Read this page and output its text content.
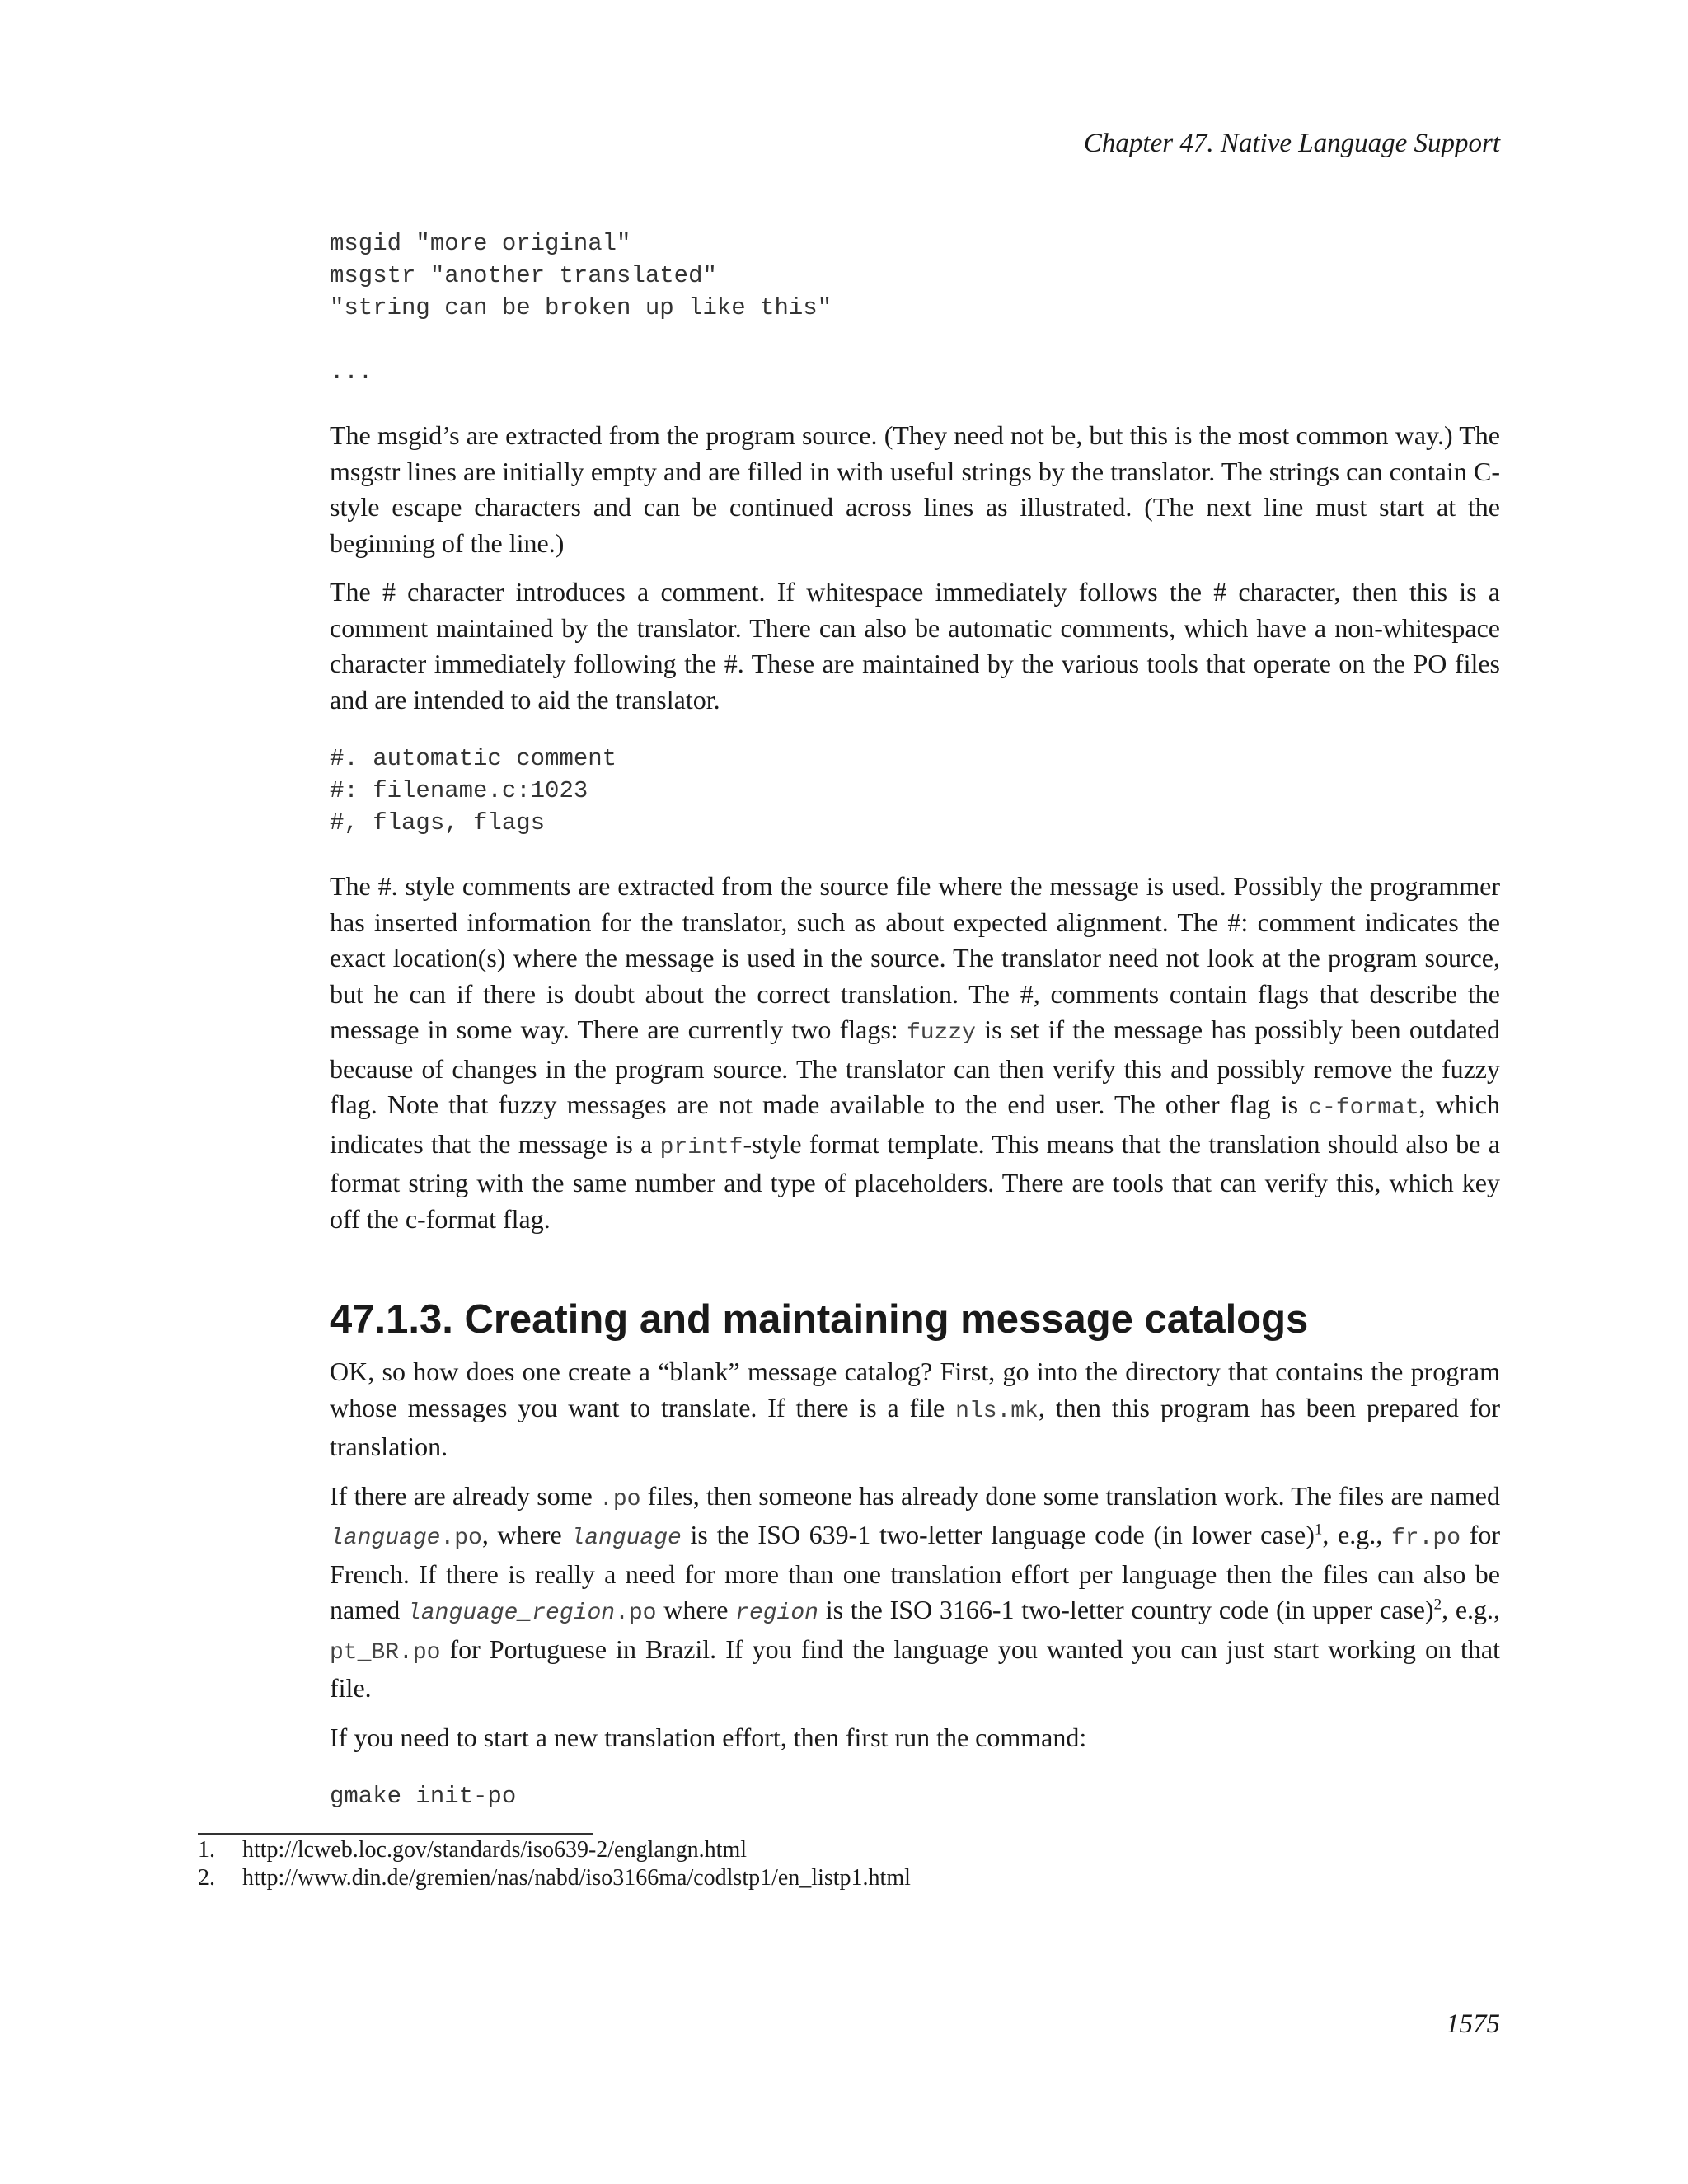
Chapter 47. Native Language Support
msgid "more original"
msgstr "another translated"
"string can be broken up like this"

...

The msgid’s are extracted from the program source. (They need not be, but this is the most common way.) The msgstr lines are initially empty and are filled in with useful strings by the translator. The strings can contain C-style escape characters and can be continued across lines as illustrated. (The next line must start at the beginning of the line.)

The # character introduces a comment. If whitespace immediately follows the # character, then this is a comment maintained by the translator. There can also be automatic comments, which have a non-whitespace character immediately following the #. These are maintained by the various tools that operate on the PO files and are intended to aid the translator.

#. automatic comment
#: filename.c:1023
#, flags, flags

The #. style comments are extracted from the source file where the message is used. Possibly the programmer has inserted information for the translator, such as about expected alignment. The #: comment indicates the exact location(s) where the message is used in the source. The translator need not look at the program source, but he can if there is doubt about the correct translation. The #, comments contain flags that describe the message in some way. There are currently two flags: fuzzy is set if the message has possibly been outdated because of changes in the program source. The translator can then verify this and possibly remove the fuzzy flag. Note that fuzzy messages are not made available to the end user. The other flag is c-format, which indicates that the message is a printf-style format template. This means that the translation should also be a format string with the same number and type of placeholders. There are tools that can verify this, which key off the c-format flag.

47.1.3. Creating and maintaining message catalogs

OK, so how does one create a “blank” message catalog? First, go into the directory that contains the program whose messages you want to translate. If there is a file nls.mk, then this program has been prepared for translation.

If there are already some .po files, then someone has already done some translation work. The files are named language.po, where language is the ISO 639-1 two-letter language code (in lower case)$^1$, e.g., fr.po for French. If there is really a need for more than one translation effort per language then the files can also be named language_region.po where region is the ISO 3166-1 two-letter country code (in upper case)$^2$, e.g., pt_BR.po for Portuguese in Brazil. If you find the language you wanted you can just start working on that file.

If you need to start a new translation effort, then first run the command:

gmake init-po
1.	http://lcweb.loc.gov/standards/iso639-2/englangn.html
2.	http://www.din.de/gremien/nas/nabd/iso3166ma/codlstp1/en_listp1.html
1575
